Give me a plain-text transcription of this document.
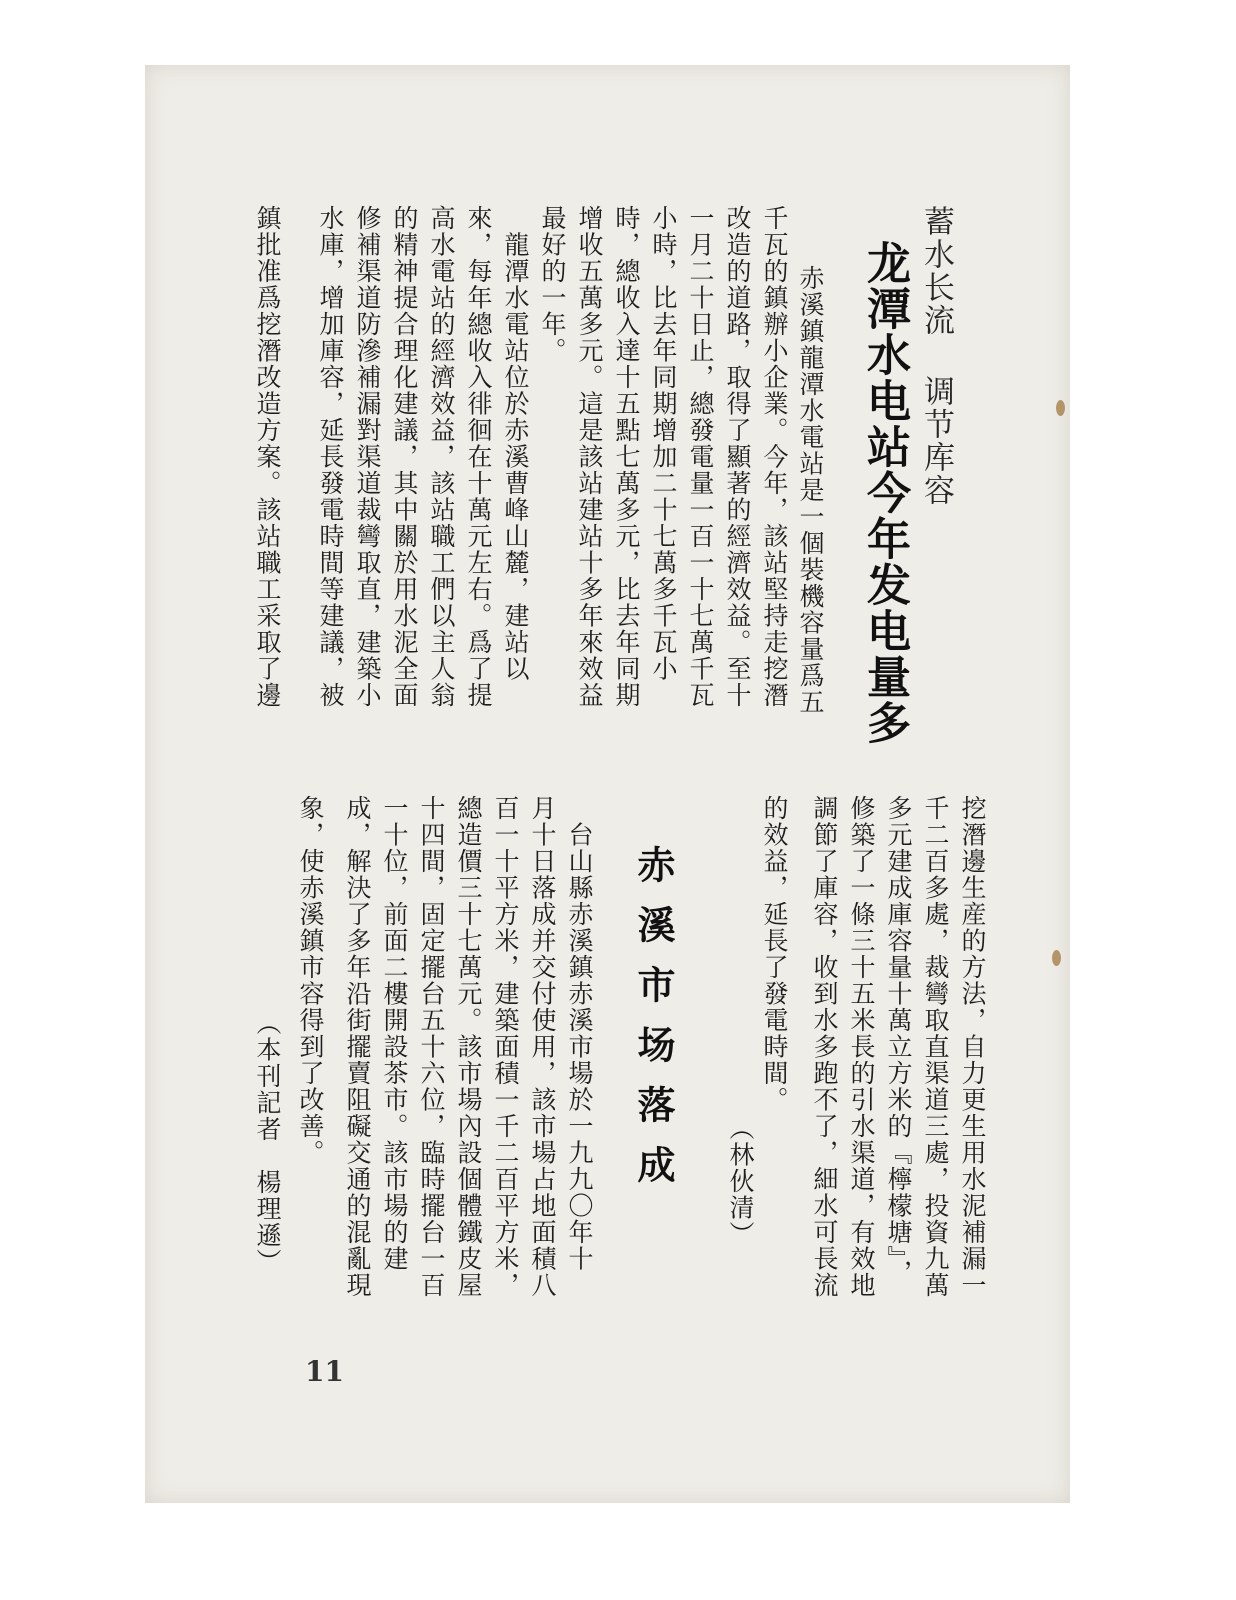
蓄水长流 调节库容
龙潭水电站今年发电量多
赤溪鎮龍潭水電站是一個裝機容量爲五
千瓦的鎮辦小企業。今年，該站堅持走挖潛
改造的道路，取得了顯著的經濟效益。至十
一月二十日止，總發電量一百一十七萬千瓦
小時，比去年同期增加二十七萬多千瓦小
時，總收入達十五點七萬多元，比去年同期
增收五萬多元。這是該站建站十多年來效益
最好的一年。
　龍潭水電站位於赤溪曹峰山麓，建站以
來，每年總收入徘徊在十萬元左右。爲了提
高水電站的經濟效益，該站職工們以主人翁
的精神提合理化建議，其中關於用水泥全面
修補渠道防滲補漏對渠道裁彎取直，建築小
水庫，增加庫容，延長發電時間等建議，被
鎮批准爲挖潛改造方案。該站職工采取了邊
挖潛邊生産的方法，自力更生用水泥補漏一
千二百多處，裁彎取直渠道三處，投資九萬
多元建成庫容量十萬立方米的『檸檬塘』，
修築了一條三十五米長的引水渠道，有效地
調節了庫容，收到水多跑不了，細水可長流
的效益，延長了發電時間。
（林伙清）
赤溪市场落成
　台山縣赤溪鎮赤溪市場於一九九〇年十
月十日落成并交付使用，該市場占地面積八
百一十平方米，建築面積一千二百平方米，
總造價三十七萬元。該市場內設個體鐵皮屋
十四間，固定擺台五十六位，臨時擺台一百
一十位，前面二樓開設茶市。該市場的建
成，解決了多年沿街擺賣阻礙交通的混亂現
象，使赤溪鎮市容得到了改善。
（本刊記者　楊理遜）
11
